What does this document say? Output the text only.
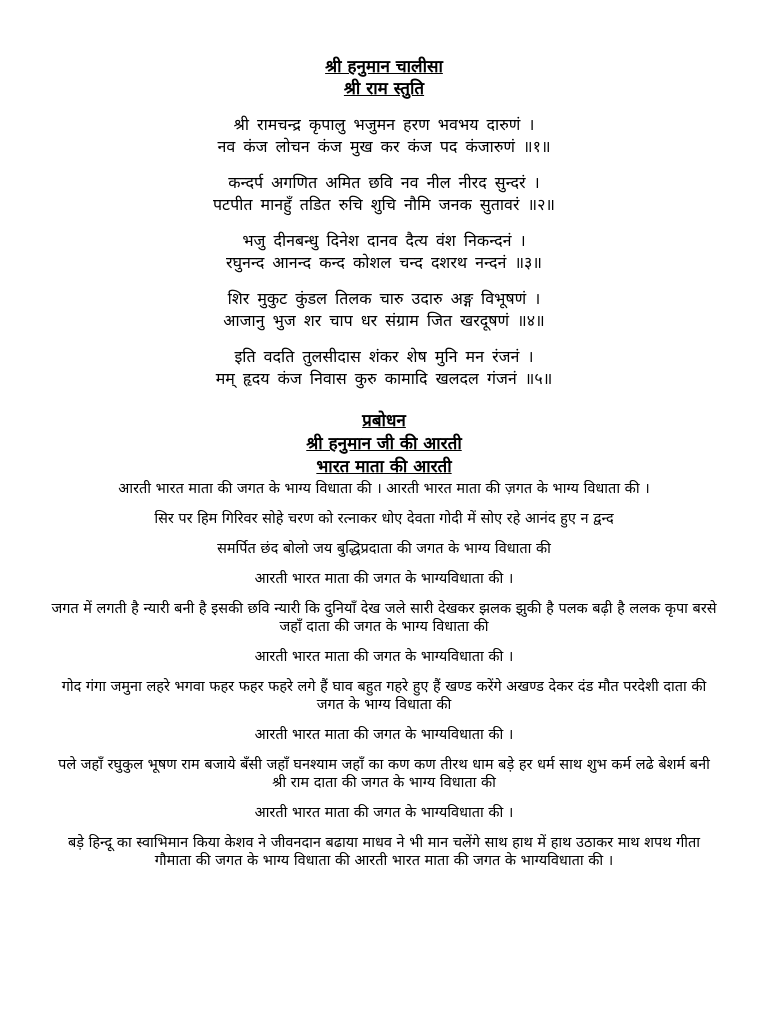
श्री हनुमान चालीसा

श्री राम स्तुति

श्री रामचन्द्र कृपालु भजुमन हरण भवभय दारुणं ।
नव कंज लोचन कंज मुख कर कंज पद कंजारुणं ॥१॥
कन्दर्प अगणित अमित छवि नव नील नीरद सुन्दरं ।
पटपीत मानहुँ तडित रुचि शुचि नौमि जनक सुतावरं ॥२॥
भजु दीनबन्धु दिनेश दानव दैत्य वंश निकन्दनं ।
रघुनन्द आनन्द कन्द कोशल चन्द दशरथ नन्दनं ॥३॥
शिर मुकुट कुंडल तिलक चारु उदारु अङ्ग विभूषणं ।
आजानु भुज शर चाप धर संग्राम जित खरदूषणं ॥४॥
इति वदति तुलसीदास शंकर शेष मुनि मन रंजनं ।
मम् हृदय कंज निवास कुरु कामादि खलदल गंजनं ॥५॥

प्रबोधन

श्री हनुमान जी की आरती

भारत माता की आरती

आरती भारत माता की जगत के भाग्य विधाता की । आरती भारत माता की ज़गत के भाग्य विधाता की ।

सिर पर हिम गिरिवर सोहे चरण को रत्नाकर धोए देवता गोदी में सोए रहे आनंद हुए न द्वन्द

समर्पित छंद बोलो जय बुद्धिप्रदाता की जगत के भाग्य विधाता की

आरती भारत माता की जगत के भाग्यविधाता की ।

जगत में लगती है न्यारी बनी है इसकी छवि न्यारी कि दुनियाँ देख जले सारी देखकर झलक झुकी है पलक बढ़ी है ललक कृपा बरसे जहाँ दाता की जगत के भाग्य विधाता की

आरती भारत माता की जगत के भाग्यविधाता की ।

गोद गंगा जमुना लहरे भगवा फहर फहर फहरे लगे हैं घाव बहुत गहरे हुए हैं खण्ड करेंगे अखण्ड देकर दंड मौत परदेशी दाता की जगत के भाग्य विधाता की

आरती भारत माता की जगत के भाग्यविधाता की ।

पले जहाँ रघुकुल भूषण राम बजाये बँसी जहाँ घनश्याम जहाँ का कण कण तीरथ धाम बड़े हर धर्म साथ शुभ कर्म लढे बेशर्म बनी श्री राम दाता की जगत के भाग्य विधाता की

आरती भारत माता की जगत के भाग्यविधाता की ।

बड़े हिन्दू का स्वाभिमान किया केशव ने जीवनदान बढाया माधव ने भी मान चलेंगे साथ हाथ में हाथ उठाकर माथ शपथ गीता गौमाता की जगत के भाग्य विधाता की आरती भारत माता की जगत के भाग्यविधाता की ।
